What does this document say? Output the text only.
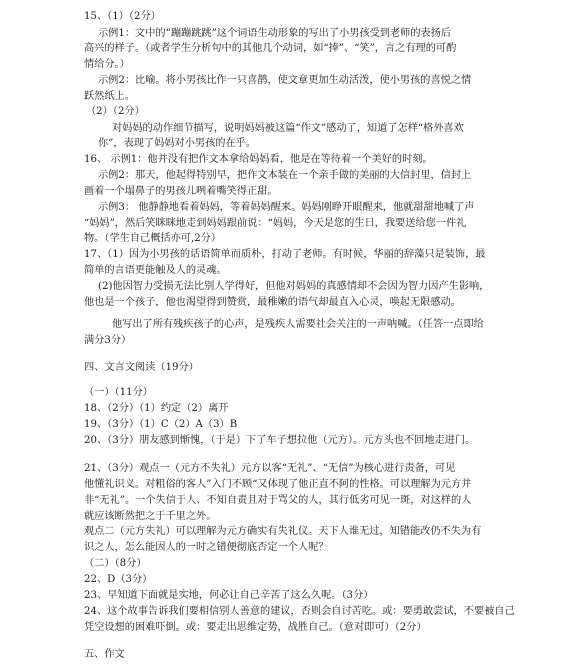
15、（1）（2分）
示例1：文中的“蹦蹦跳跳”这个词语生动形象的写出了小男孩受到老师的表扬后
高兴的样子。（或者学生分析句中的其他几个动词，如“捧”、“笑”，言之有理的可酌
情给分。）
示例2：比喻。将小男孩比作一只喜鹊，使文章更加生动活泼，使小男孩的喜悦之情
跃然纸上。
（2）（2分）
对妈妈的动作细节描写，说明妈妈被这篇“作文”感动了，知道了怎样“格外喜欢
你”，表现了妈妈对小男孩的在乎。
16、 示例1：他并没有把作文本拿给妈妈看，他是在等待着一个美好的时刻。
示例2：那天，他起得特别早，把作文本装在一个亲手做的美丽的大信封里，信封上
画着一个塌鼻子的男孩儿咧着嘴笑得正甜。
示例3： 他静静地看着妈妈，等着妈妈醒来。妈妈刚睁开眼醒来，他就甜甜地喊了声
“妈妈”，然后笑眯眯地走到妈妈跟前说：“妈妈，今天是您的生日，我要送给您一件礼
物。（学生自己概括亦可,2分）
17、（1）因为小男孩的话语简单而质朴，打动了老师。有时候，华丽的辞藻只是装饰，最
简单的言语更能触及人的灵魂。
(2)他因智力受损无法比别人学得好，但他对妈妈的真感情却不会因为智力因产生影响，
他也是一个孩子，他也渴望得到赞赏，最稚嫩的语气却最直入心灵，唤起无限感动。
他写出了所有残疾孩子的心声，是残疾人需要社会关注的一声呐喊。（任答一点即给
满分3分）
四、文言文阅读（19分）
（一）（11分）
18、（2分）（1）约定（2）离开
19、（3分）（1）C（2）A（3）B
20、（3分）朋友感到惭愧，（于是）下了车子想拉他（元方）。元方头也不回地走进门。
21、（3分）观点一（元方不失礼）元方以客“无礼”、“无信”为核心进行责备，可见
他懂礼识义。对粗俗的客人”入门不顾“又体现了他正直不阿的性格。可以理解为元方并
非“无礼”。一个失信于人、不知自责且对于骂父的人，其行低劣可见一斑，对这样的人
就应该断然把之于千里之外。
观点二（元方失礼）可以理解为元方确实有失礼仪。天下人谁无过，知错能改仍不失为有
识之人，怎么能因人的一时之错便彻底否定一个人呢？
（二）（8分）
22、D（3分）
23、早知道下面就是实地，何必让自己辛苦了这么久呢。（3分）
24、这个故事告诉我们要相信别人善意的建议，否则会自讨苦吃。或：要勇敢尝试，不要被自己
凭空设想的困难吓倒。或：要走出思维定势，战胜自己。（意对即可）（2分）
五、作文
